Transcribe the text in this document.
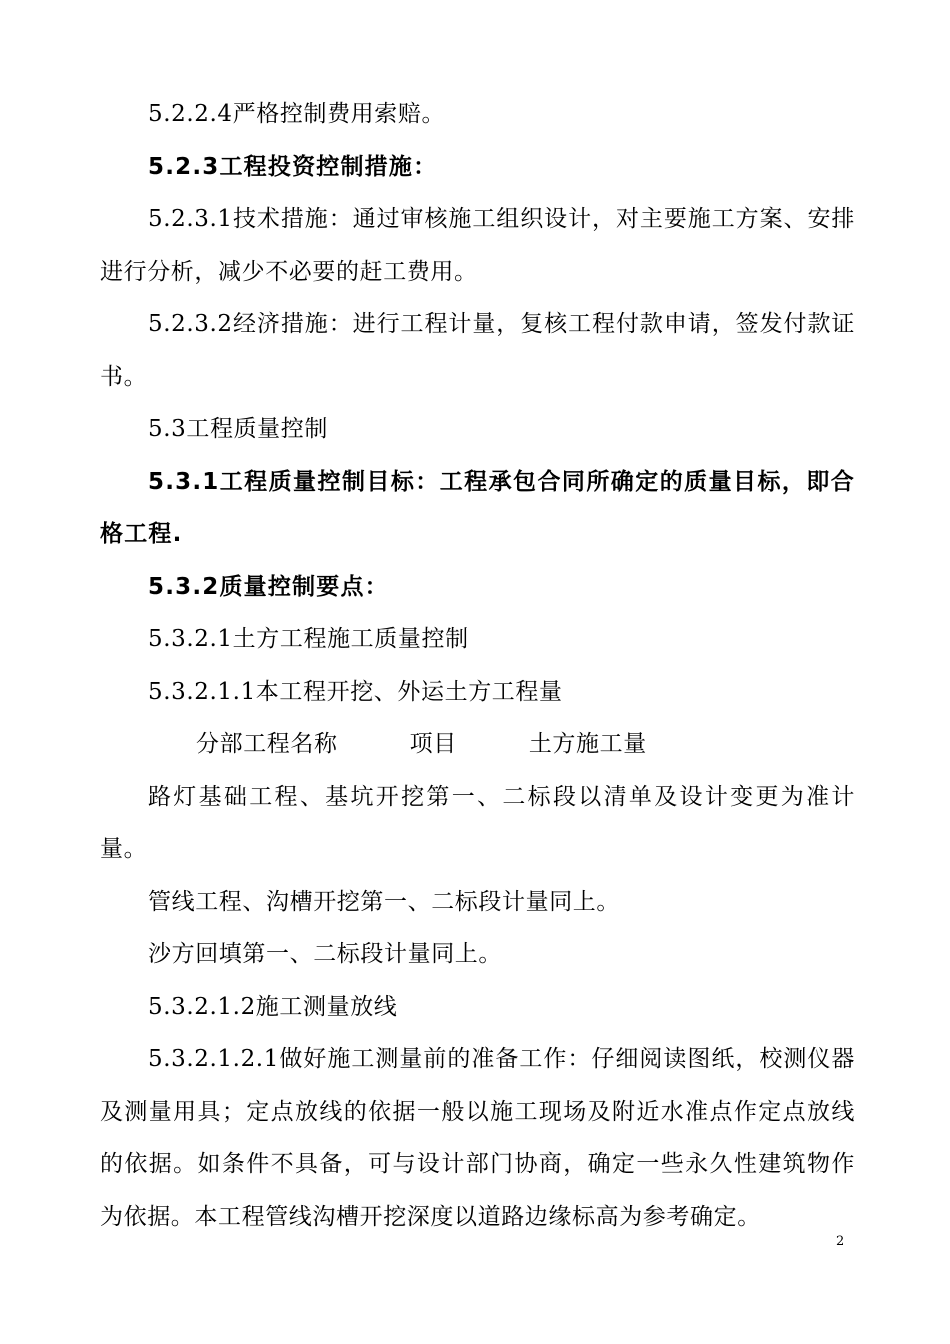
5.2.2.4严格控制费用索赔。

5.2.3工程投资控制措施：

5.2.3.1技术措施：通过审核施工组织设计，对主要施工方案、安排进行分析，减少不必要的赶工费用。

5.2.3.2经济措施：进行工程计量，复核工程付款申请，签发付款证书。

5.3工程质量控制

5.3.1工程质量控制目标：工程承包合同所确定的质量目标，即合格工程.

5.3.2质量控制要点：

5.3.2.1土方工程施工质量控制

5.3.2.1.1本工程开挖、外运土方工程量

分部工程名称	项目	土方施工量

路灯基础工程、基坑开挖第一、二标段以清单及设计变更为准计量。

管线工程、沟槽开挖第一、二标段计量同上。

沙方回填第一、二标段计量同上。

5.3.2.1.2施工测量放线

5.3.2.1.2.1做好施工测量前的准备工作：仔细阅读图纸，校测仪器及测量用具；定点放线的依据一般以施工现场及附近水准点作定点放线的依据。如条件不具备，可与设计部门协商，确定一些永久性建筑物作为依据。本工程管线沟槽开挖深度以道路边缘标高为参考确定。

2
